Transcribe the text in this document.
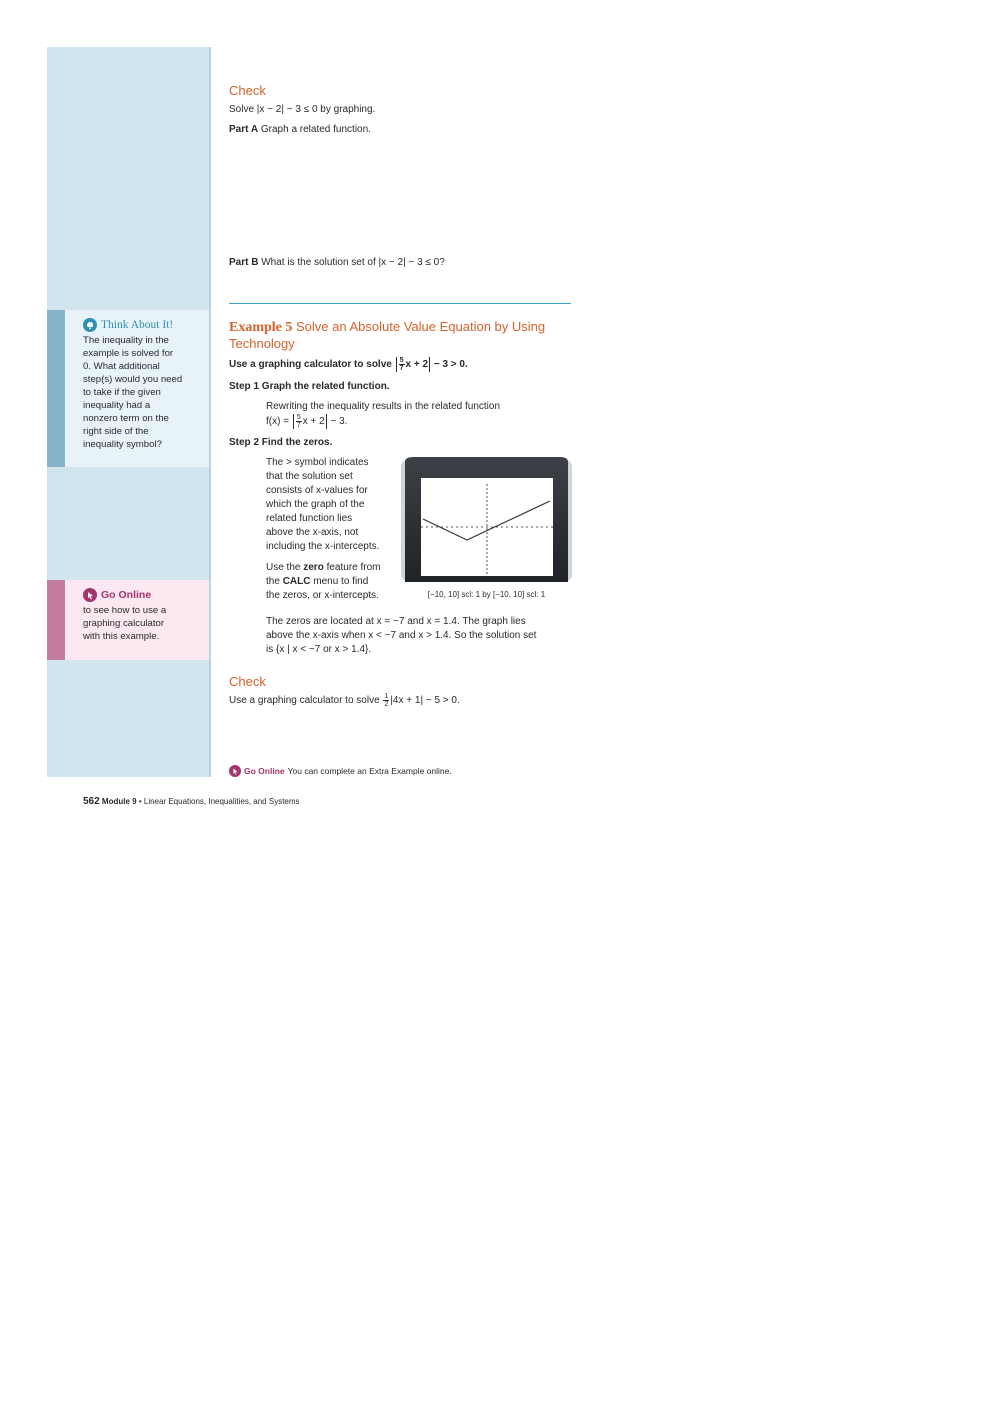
Think About It!
The inequality in the
example is solved for
0. What additional
step(s) would you need
to take if the given
inequality had a
nonzero term on the
right side of the
inequality symbol?
Go Online
to see how to use a
graphing calculator
with this example.
Check
Solve |x − 2| − 3 ≤ 0 by graphing.
Part A Graph a related function.
Part B What is the solution set of |x − 2| − 3 ≤ 0?
Example 5 Solve an Absolute Value Equation by Using
Technology
Use a graphing calculator to solve $\frac{5}{7}$ x + 2 − 3 > 0.
Step 1 Graph the related function.
Rewriting the inequality results in the related function
$f(x) = \frac{5}{7}$ x + 2 − 3.
Step 2 Find the zeros.
The > symbol indicates
that the solution set
consists of x-values for
which the graph of the
related function lies
above the x-axis, not
including the x-intercepts.
Use the zero feature from
the CALC menu to find
the zeros, or x-intercepts.	[−10, 10] scl: 1 by [−10, 10] scl: 1
The zeros are located at x = −7 and x = 1.4. The graph lies
above the x-axis when x < −7 and x > 1.4. So the solution set
is {x | x < −7 or x > 1.4}.
Check
Use a graphing calculator to solve $\frac{1}{2} |4x + 1| - 5 > 0$.
Go Online You can complete an Extra Example online.
562 Module 9 • Linear Equations, Inequalities, and Systems
